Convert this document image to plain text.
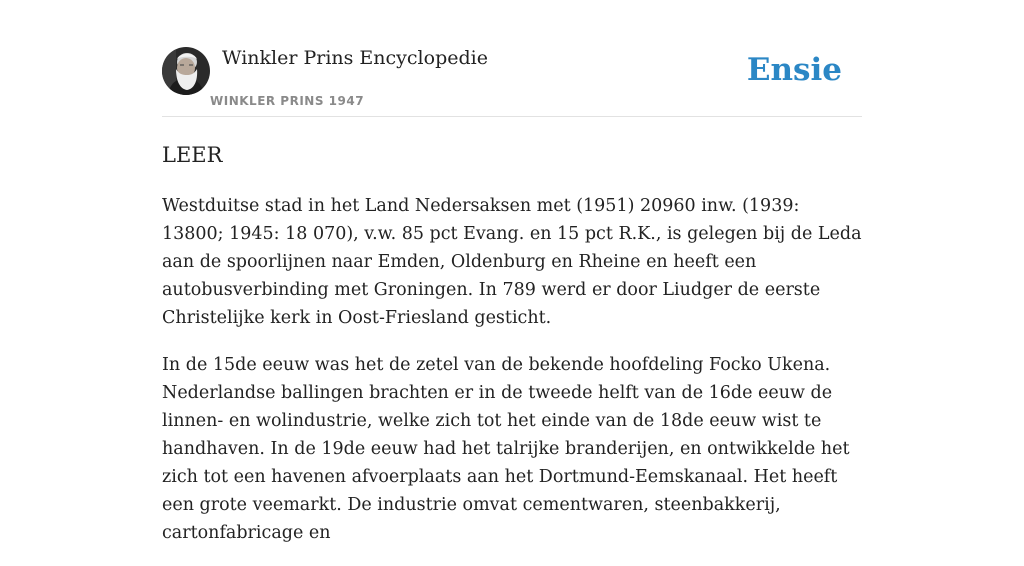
Winkler Prins Encyclopedie
WINKLER PRINS 1947
Ensie
LEER

Westduitse stad in het Land Nedersaksen met (1951) 20960 inw. (1939: 13800; 1945: 18 070), v.w. 85 pct Evang. en 15 pct R.K., is gelegen bij de Leda aan de spoorlijnen naar Emden, Oldenburg en Rheine en heeft een autobusverbinding met Groningen. In 789 werd er door Liudger de eerste Christelijke kerk in Oost-Friesland gesticht.

In de 15de eeuw was het de zetel van de bekende hoofdeling Focko Ukena. Nederlandse ballingen brachten er in de tweede helft van de 16de eeuw de linnen- en wolindustrie, welke zich tot het einde van de 18de eeuw wist te handhaven. In de 19de eeuw had het talrijke branderijen, en ontwikkelde het zich tot een havenen afvoerplaats aan het Dortmund-Eemskanaal. Het heeft een grote veemarkt. De industrie omvat cementwaren, steenbakkerij, cartonfabricage en
